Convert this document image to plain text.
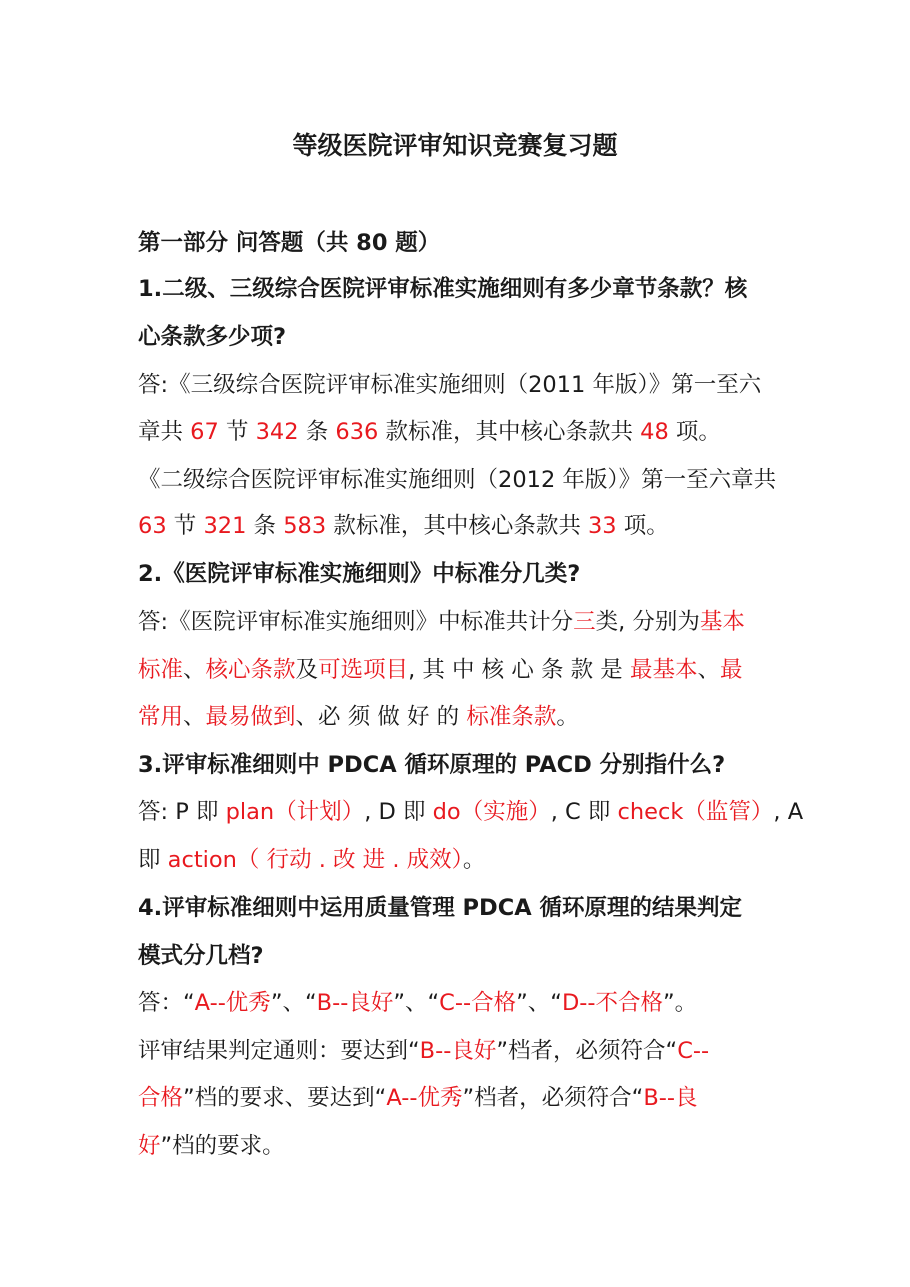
等级医院评审知识竞赛复习题
第一部分 问答题（共 80 题）
1.二级、三级综合医院评审标准实施细则有多少章节条款？核
心条款多少项?
答:《三级综合医院评审标准实施细则（2011 年版）》第一至六
章共 67 节 342 条 636 款标准，其中核心条款共 48 项。
《二级综合医院评审标准实施细则（2012 年版）》第一至六章共
63 节 321 条 583 款标准，其中核心条款共 33 项。
2.《医院评审标准实施细则》中标准分几类?
答:《医院评审标准实施细则》中标准共计分三类, 分别为基本
标准、核心条款及可选项目, 其 中 核 心 条 款 是 最基本、最
常用、最易做到、必 须 做 好 的 标准条款。
3.评审标准细则中 PDCA 循环原理的 PACD 分别指什么?
答: P 即 plan（计划）, D 即 do（实施）, C 即 check（监管）, A
即 action（ 行动 . 改 进 . 成效）。
4.评审标准细则中运用质量管理 PDCA 循环原理的结果判定
模式分几档?
答：“A--优秀”、“B--良好”、“C--合格”、“D--不合格”。
评审结果判定通则：要达到“B--良好”档者，必须符合“C--
合格”档的要求、要达到“A--优秀”档者，必须符合“B--良
好”档的要求。
